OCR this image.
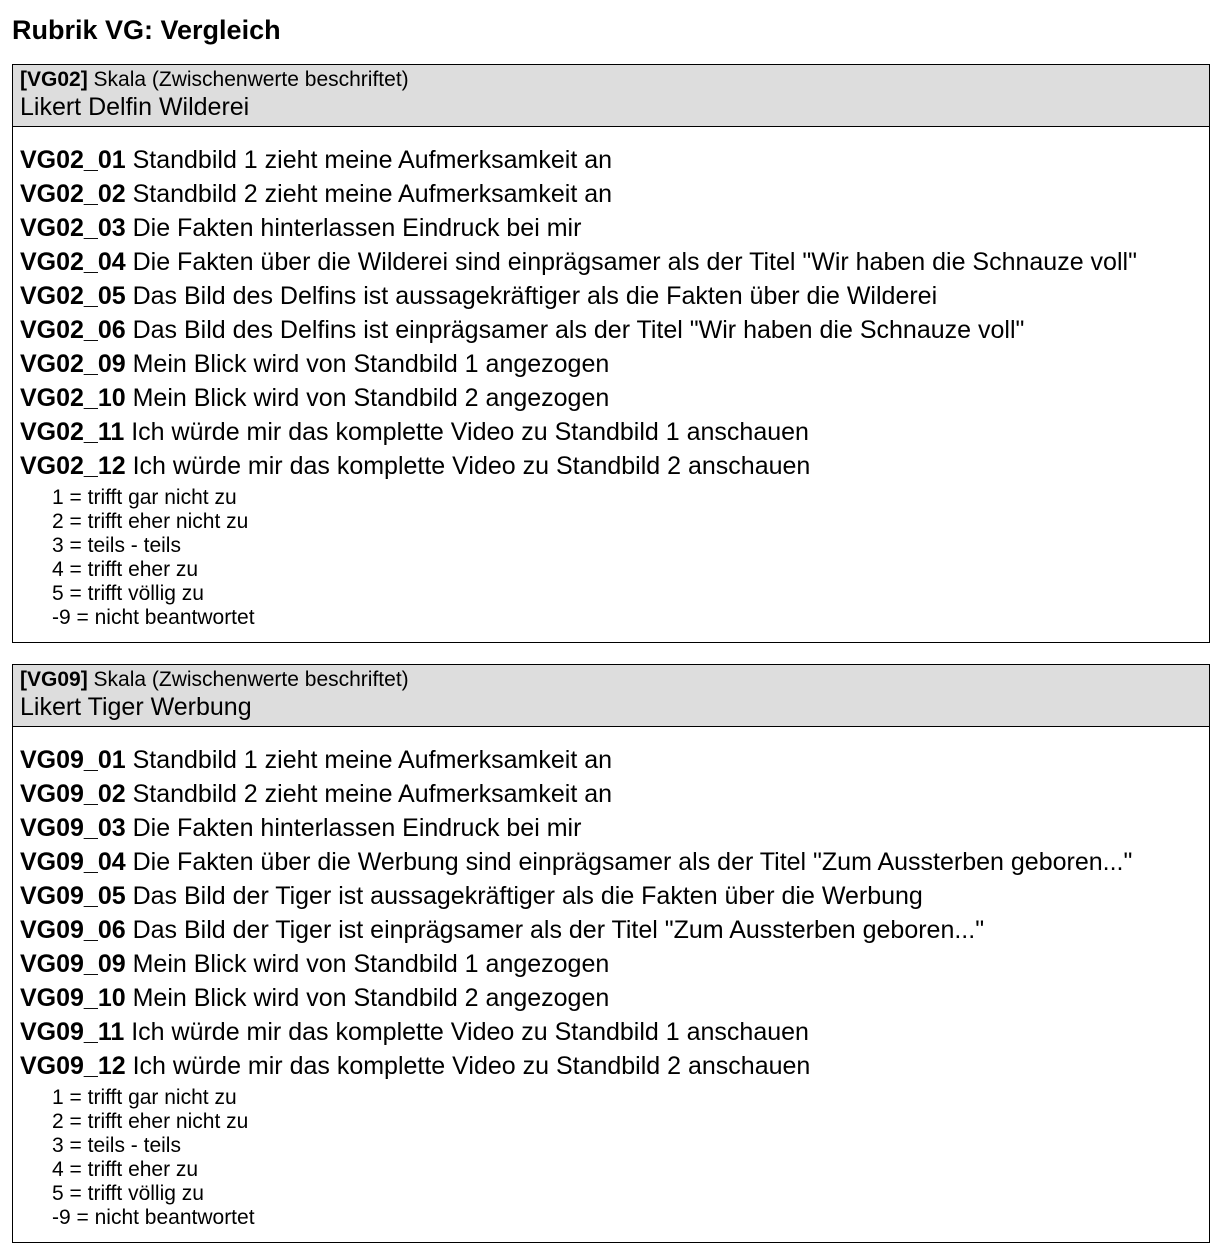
Rubrik VG: Vergleich
[VG02] Skala (Zwischenwerte beschriftet)
Likert Delfin Wilderei
VG02_01 Standbild 1 zieht meine Aufmerksamkeit an
VG02_02 Standbild 2 zieht meine Aufmerksamkeit an
VG02_03 Die Fakten hinterlassen Eindruck bei mir
VG02_04 Die Fakten über die Wilderei sind einprägsamer als der Titel "Wir haben die Schnauze voll"
VG02_05 Das Bild des Delfins ist aussagekräftiger als die Fakten über die Wilderei
VG02_06 Das Bild des Delfins ist einprägsamer als der Titel "Wir haben die Schnauze voll"
VG02_09 Mein Blick wird von Standbild 1 angezogen
VG02_10 Mein Blick wird von Standbild 2 angezogen
VG02_11 Ich würde mir das komplette Video zu Standbild 1 anschauen
VG02_12 Ich würde mir das komplette Video zu Standbild 2 anschauen
1 = trifft gar nicht zu
2 = trifft eher nicht zu
3 = teils - teils
4 = trifft eher zu
5 = trifft völlig zu
-9 = nicht beantwortet
[VG09] Skala (Zwischenwerte beschriftet)
Likert Tiger Werbung
VG09_01 Standbild 1 zieht meine Aufmerksamkeit an
VG09_02 Standbild 2 zieht meine Aufmerksamkeit an
VG09_03 Die Fakten hinterlassen Eindruck bei mir
VG09_04 Die Fakten über die Werbung sind einprägsamer als der Titel "Zum Aussterben geboren..."
VG09_05 Das Bild der Tiger ist aussagekräftiger als die Fakten über die Werbung
VG09_06 Das Bild der Tiger ist einprägsamer als der Titel "Zum Aussterben geboren..."
VG09_09 Mein Blick wird von Standbild 1 angezogen
VG09_10 Mein Blick wird von Standbild 2 angezogen
VG09_11 Ich würde mir das komplette Video zu Standbild 1 anschauen
VG09_12 Ich würde mir das komplette Video zu Standbild 2 anschauen
1 = trifft gar nicht zu
2 = trifft eher nicht zu
3 = teils - teils
4 = trifft eher zu
5 = trifft völlig zu
-9 = nicht beantwortet
